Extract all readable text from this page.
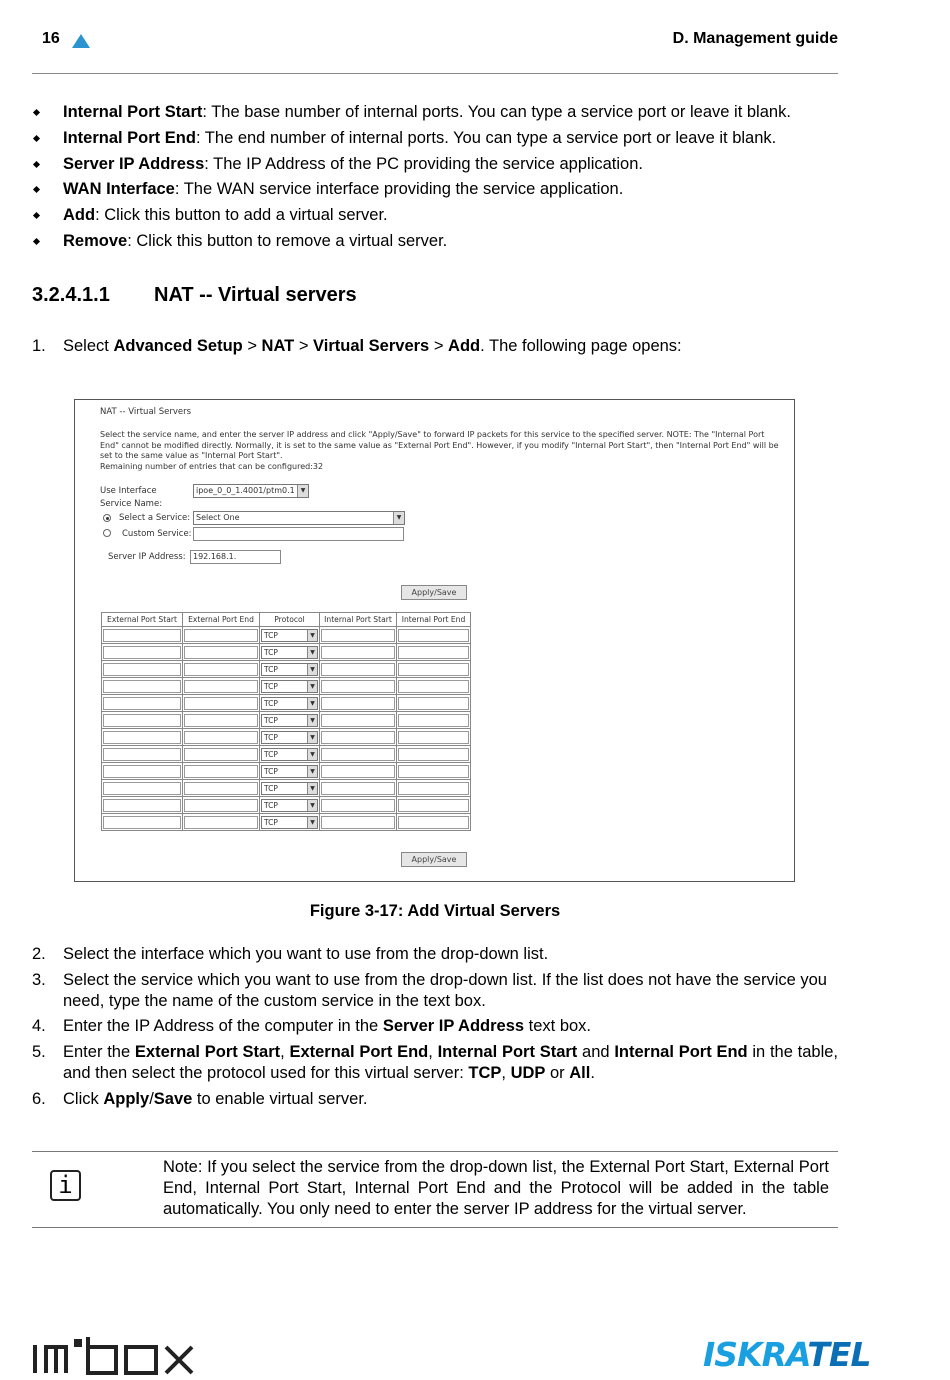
16	D. Management guide
Internal Port Start: The base number of internal ports. You can type a service port or leave it blank.
Internal Port End: The end number of internal ports. You can type a service port or leave it blank.
Server IP Address: The IP Address of the PC providing the service application.
WAN Interface: The WAN service interface providing the service application.
Add: Click this button to add a virtual server.
Remove: Click this button to remove a virtual server.
3.2.4.1.1 NAT -- Virtual servers
1. Select Advanced Setup > NAT > Virtual Servers > Add. The following page opens:
NAT -- Virtual Servers
Select the service name, and enter the server IP address and click "Apply/Save" to forward IP packets for this service to the specified server. NOTE: The "Internal Port End" cannot be modified directly. Normally, it is set to the same value as "External Port End". However, if you modify "Internal Port Start", then "Internal Port End" will be set to the same value as "Internal Port Start".
Remaining number of entries that can be configured:32
Use Interface	ipoe_0_0_1.4001/ptm0.1 ▼
Service Name:
Select a Service: Select One	▼
Custom Service:
Server IP Address: 192.168.1.
Apply/Save
External Port Start	External Port End	Protocol	Internal Port Start	Internal Port End

		TCP ▼		

		TCP ▼		

		TCP ▼		

		TCP ▼		

		TCP ▼		

		TCP ▼		

		TCP ▼		

		TCP ▼		

		TCP ▼		

		TCP ▼		

		TCP ▼		

		TCP ▼		

Apply/Save
Figure 3-17: Add Virtual Servers
2. Select the interface which you want to use from the drop-down list.
3. Select the service which you want to use from the drop-down list. If the list does not have the service you need, type the name of the custom service in the text box.
4. Enter the IP Address of the computer in the Server IP Address text box.
5. Enter the External Port Start, External Port End, Internal Port Start and Internal Port End in the table, and then select the protocol used for this virtual server: TCP, UDP or All.
6. Click Apply/Save to enable virtual server.
i
Note: If you select the service from the drop-down list, the External Port Start, External Port End, Internal Port Start, Internal Port End and the Protocol will be added in the table automatically. You only need to enter the server IP address for the virtual server.
ISKRATEL
